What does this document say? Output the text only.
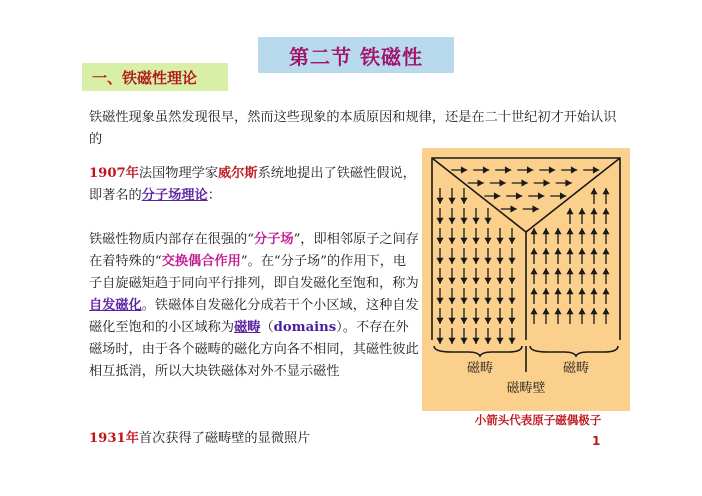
第二节 铁磁性
一、铁磁性理论

铁磁性现象虽然发现很早，然而这些现象的本质原因和规律，还是在二十世纪初才开始认识的

1907年法国物理学家威尔斯系统地提出了铁磁性假说，即著名的分子场理论：

铁磁性物质内部存在很强的“分子场”，即相邻原子之间存在着特殊的“交换偶合作用”。在“分子场”的作用下，电子自旋磁矩趋于同向平行排列，即自发磁化至饱和，称为自发磁化。铁磁体自发磁化分成若干个小区域，这种自发磁化至饱和的小区域称为磁畴（domains）。不存在外磁场时，由于各个磁畴的磁化方向各不相同，其磁性彼此相互抵消，所以大块铁磁体对外不显示磁性

1931年首次获得了磁畴壁的显微照片

磁畴	磁畴
磁畴壁
小箭头代表原子磁偶极子
1
